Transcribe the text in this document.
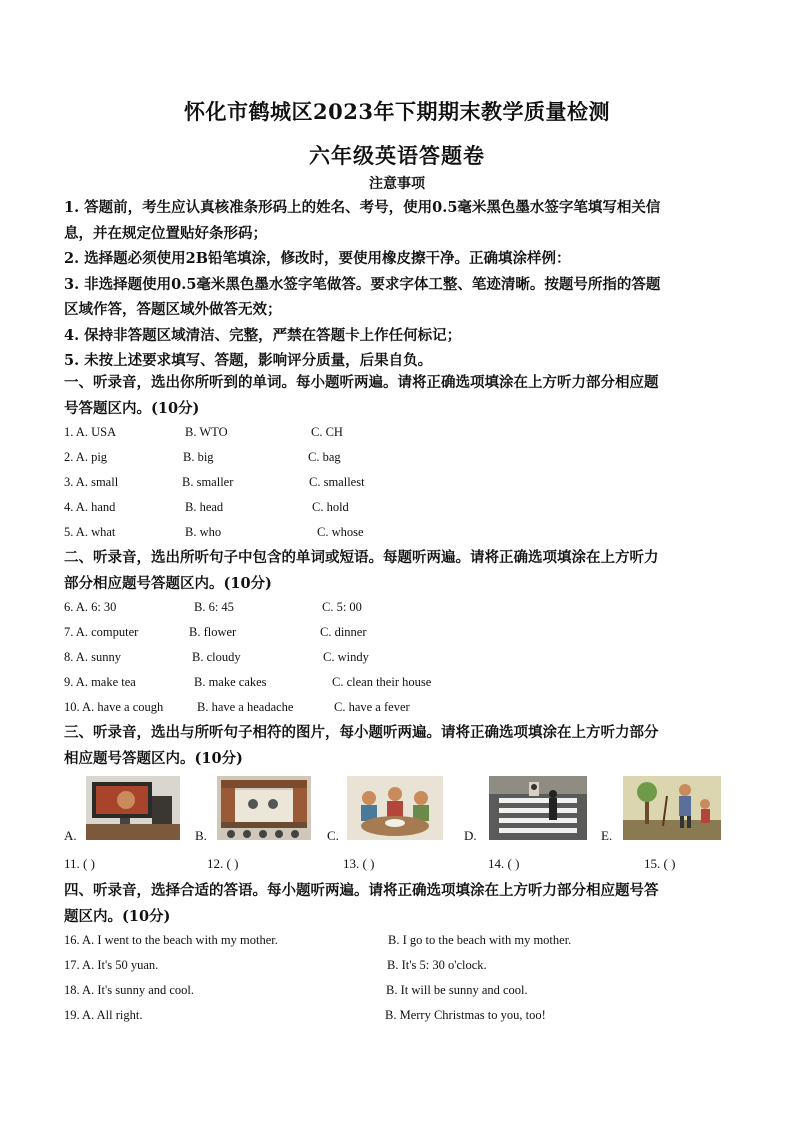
怀化市鹤城区2023年下期期末教学质量检测
六年级英语答题卷
注意事项
1. 答题前，考生应认真核准条形码上的姓名、考号，使用0.5毫米黑色墨水签字笔填写相关信
息，并在规定位置贴好条形码；
2. 选择题必须使用2B铅笔填涂，修改时，要使用橡皮擦干净。正确填涂样例：
3. 非选择题使用0.5毫米黑色墨水签字笔做答。要求字体工整、笔迹清晰。按题号所指的答题
区域作答，答题区域外做答无效；
4. 保持非答题区域清洁、完整，严禁在答题卡上作任何标记；
5. 未按上述要求填写、答题，影响评分质量，后果自负。
一、听录音，选出你所听到的单词。每小题听两遍。请将正确选项填涂在上方听力部分相应题
号答题区内。(10分)
1. A. USA	B. WTO	C. CH
2. A. pig	B. big	C. bag
3. A. small	B. smaller	C. smallest
4. A. hand	B. head	C. hold
5. A. what	B. who	C. whose
二、听录音，选出所听句子中包含的单词或短语。每题听两遍。请将正确选项填涂在上方听力
部分相应题号答题区内。(10分)
6. A. 6: 30	B. 6: 45	C. 5: 00
7. A. computer	B. flower	C. dinner
8. A. sunny	B. cloudy	C. windy
9. A. make tea	B. make cakes	C. clean their house
10. A. have a cough	B. have a headache	C. have a fever
三、听录音，选出与所听句子相符的图片，每小题听两遍。请将正确选项填涂在上方听力部分
相应题号答题区内。(10分)
A.	B.	C.	D.	E.
11. ( )	12. ( )	13. ( )	14. ( )	15. ( )
四、听录音，选择合适的答语。每小题听两遍。请将正确选项填涂在上方听力部分相应题号答
题区内。(10分)
16. A. I went to the beach with my mother.	B. I go to the beach with my mother.
17. A. It's 50 yuan.	B. It's 5: 30 o'clock.
18. A. It's sunny and cool.	B. It will be sunny and cool.
19. A. All right.	B. Merry Christmas to you, too!
